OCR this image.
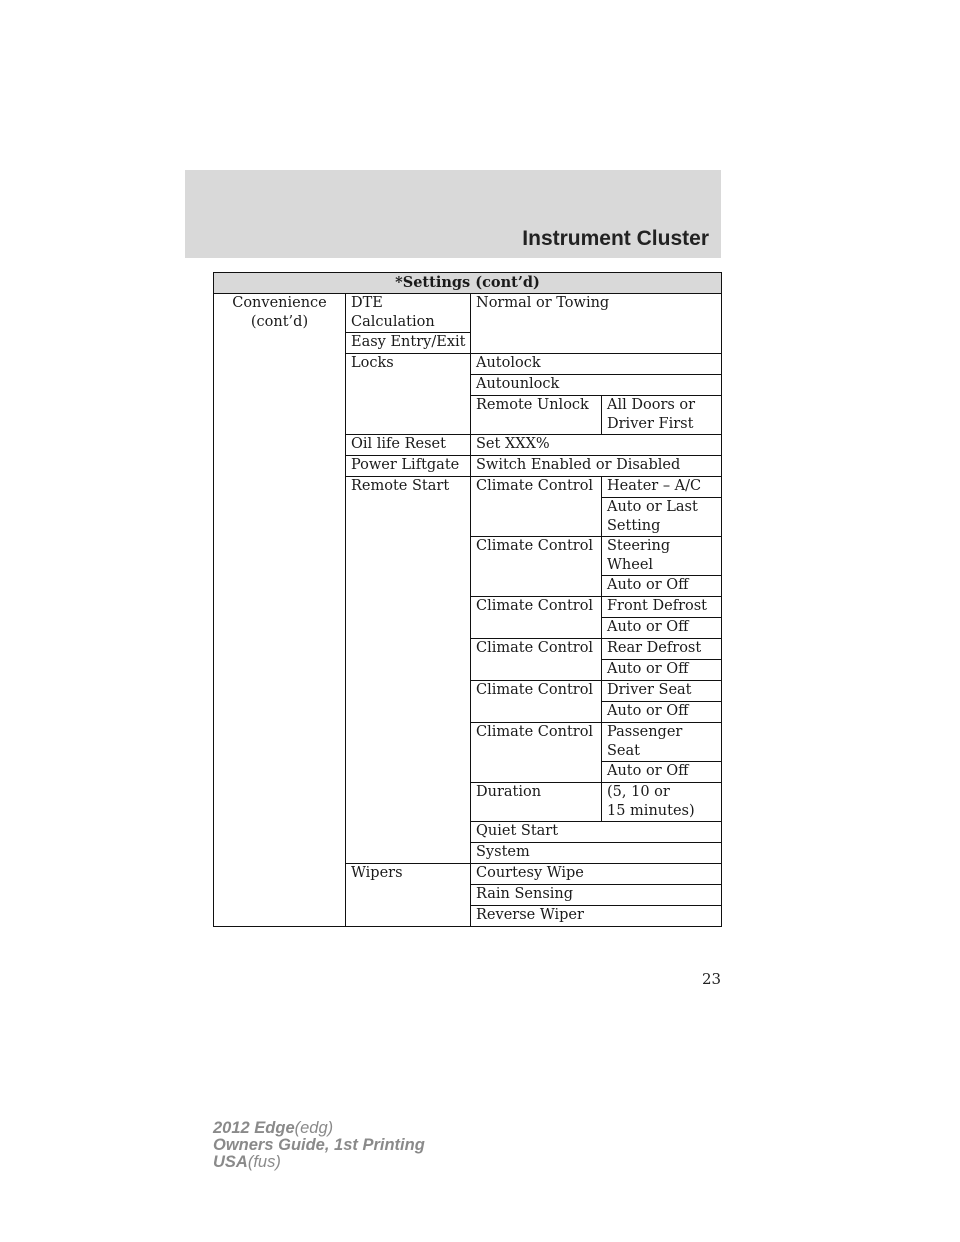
Instrument Cluster
*Settings (cont’d)			
Convenience
(cont’d)	DTE Calculation	Normal or Towing	
	Easy Entry/Exit		
	Locks	Autolock	
		Autounlock	
		Remote Unlock	All Doors or
Driver First
	Oil life Reset	Set XXX%	
	Power Liftgate	Switch Enabled or Disabled	
	Remote Start	Climate Control	Heater – A/C
			Auto or Last
Setting
		Climate Control	Steering Wheel
			Auto or Off
		Climate Control	Front Defrost
			Auto or Off
		Climate Control	Rear Defrost
			Auto or Off
		Climate Control	Driver Seat
			Auto or Off
		Climate Control	Passenger Seat
			Auto or Off
		Duration	(5, 10 or
15 minutes)
		Quiet Start	
		System	
	Wipers	Courtesy Wipe	
		Rain Sensing	
		Reverse Wiper	
23
2012 Edge(edg)
Owners Guide, 1st Printing
USA(fus)
